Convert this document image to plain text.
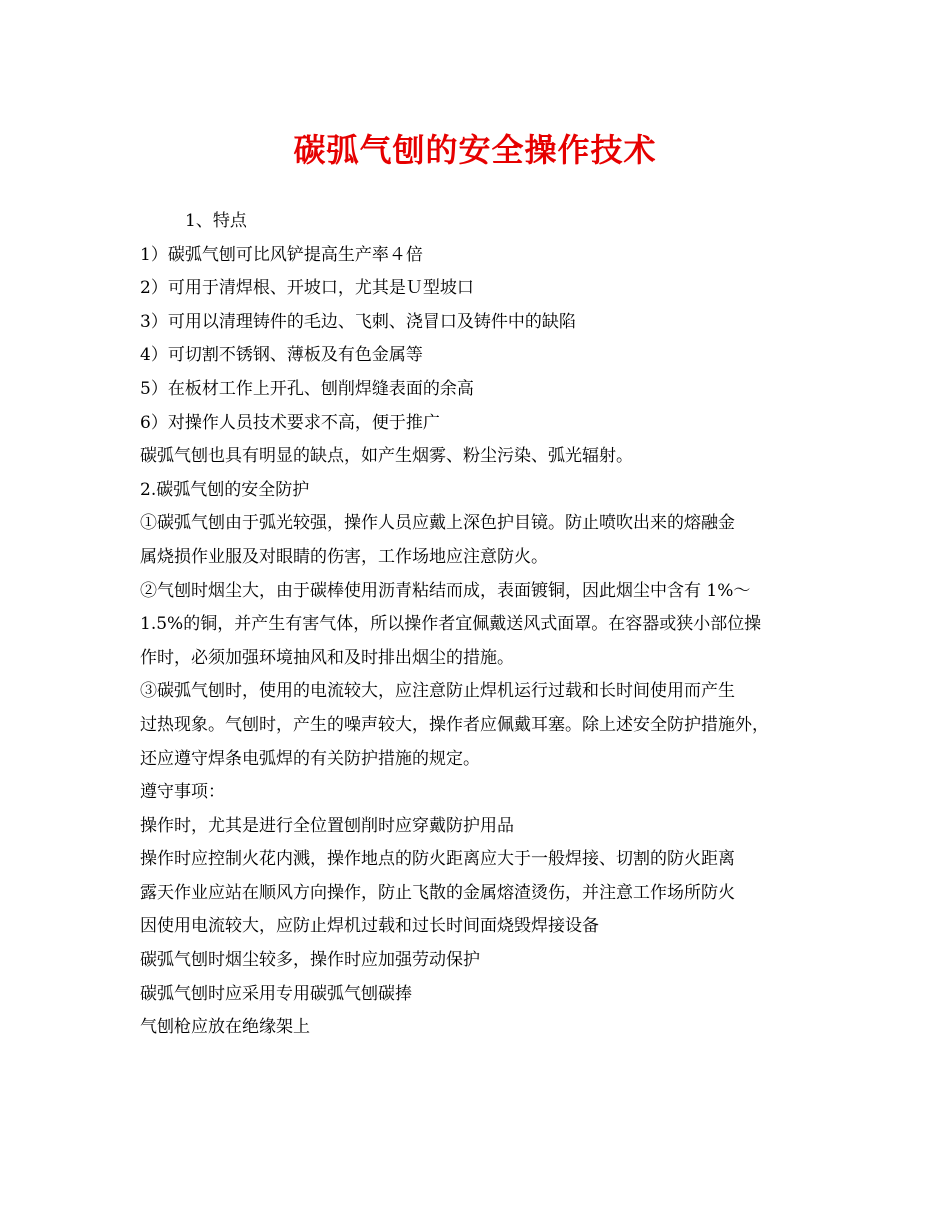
碳弧气刨的安全操作技术
1、特点
1）碳弧气刨可比风铲提高生产率４倍
2）可用于清焊根、开坡口，尤其是Ｕ型坡口
3）可用以清理铸件的毛边、飞刺、浇冒口及铸件中的缺陷
4）可切割不锈钢、薄板及有色金属等
5）在板材工作上开孔、刨削焊缝表面的余高
6）对操作人员技术要求不高，便于推广
碳弧气刨也具有明显的缺点，如产生烟雾、粉尘污染、弧光辐射。
2.碳弧气刨的安全防护
①碳弧气刨由于弧光较强，操作人员应戴上深色护目镜。防止喷吹出来的熔融金
属烧损作业服及对眼睛的伤害，工作场地应注意防火。
②气刨时烟尘大，由于碳棒使用沥青粘结而成，表面镀铜，因此烟尘中含有 1%～
1.5%的铜，并产生有害气体，所以操作者宜佩戴送风式面罩。在容器或狭小部位操
作时，必须加强环境抽风和及时排出烟尘的措施。
③碳弧气刨时，使用的电流较大，应注意防止焊机运行过载和长时间使用而产生
过热现象。气刨时，产生的噪声较大，操作者应佩戴耳塞。除上述安全防护措施外，
还应遵守焊条电弧焊的有关防护措施的规定。
遵守事项：
操作时，尤其是进行全位置刨削时应穿戴防护用品
操作时应控制火花内溅，操作地点的防火距离应大于一般焊接、切割的防火距离
露天作业应站在顺风方向操作，防止飞散的金属熔渣烫伤，并注意工作场所防火
因使用电流较大，应防止焊机过载和过长时间面烧毁焊接设备
碳弧气刨时烟尘较多，操作时应加强劳动保护
碳弧气刨时应采用专用碳弧气刨碳捧
气刨枪应放在绝缘架上
